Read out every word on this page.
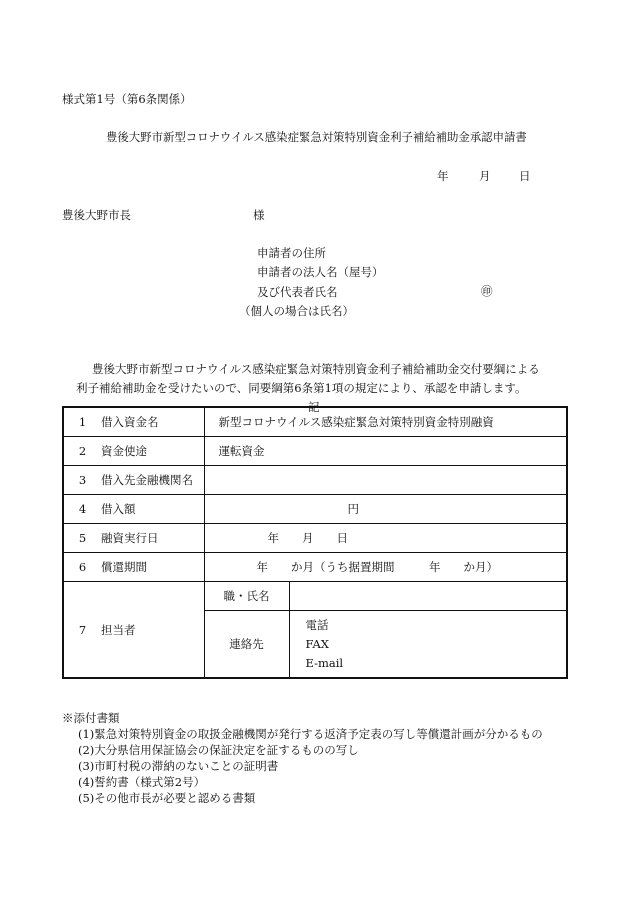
様式第1号（第6条関係）
豊後大野市新型コロナウイルス感染症緊急対策特別資金利子補給補助金承認申請書
年	月 日
豊後大野市長	様
申請者の住所
申請者の法人名（屋号）
及び代表者氏名	㊞
（個人の場合は氏名）
豊後大野市新型コロナウイルス感染症緊急対策特別資金利子補給補助金交付要綱による
利子補給補助金を受けたいので、同要綱第6条第1項の規定により、承認を申請します。
記
1	借入資金名	新型コロナウイルス感染症緊急対策特別資金特別融資	
2	資金使途	運転資金	
3	借入先金融機関名		
4	借入額	円	
5	融資実行日	年　　月　　日	
6	償還期間	年　　か月（うち据置期間　　　年　　か月）	
7	担当者	職・氏名	
		連絡先	電話
FAX
E-mail
※添付書類
(1)緊急対策特別資金の取扱金融機関が発行する返済予定表の写し等償還計画が分かるもの
(2)大分県信用保証協会の保証決定を証するものの写し
(3)市町村税の滞納のないことの証明書
(4)誓約書（様式第2号）
(5)その他市長が必要と認める書類
